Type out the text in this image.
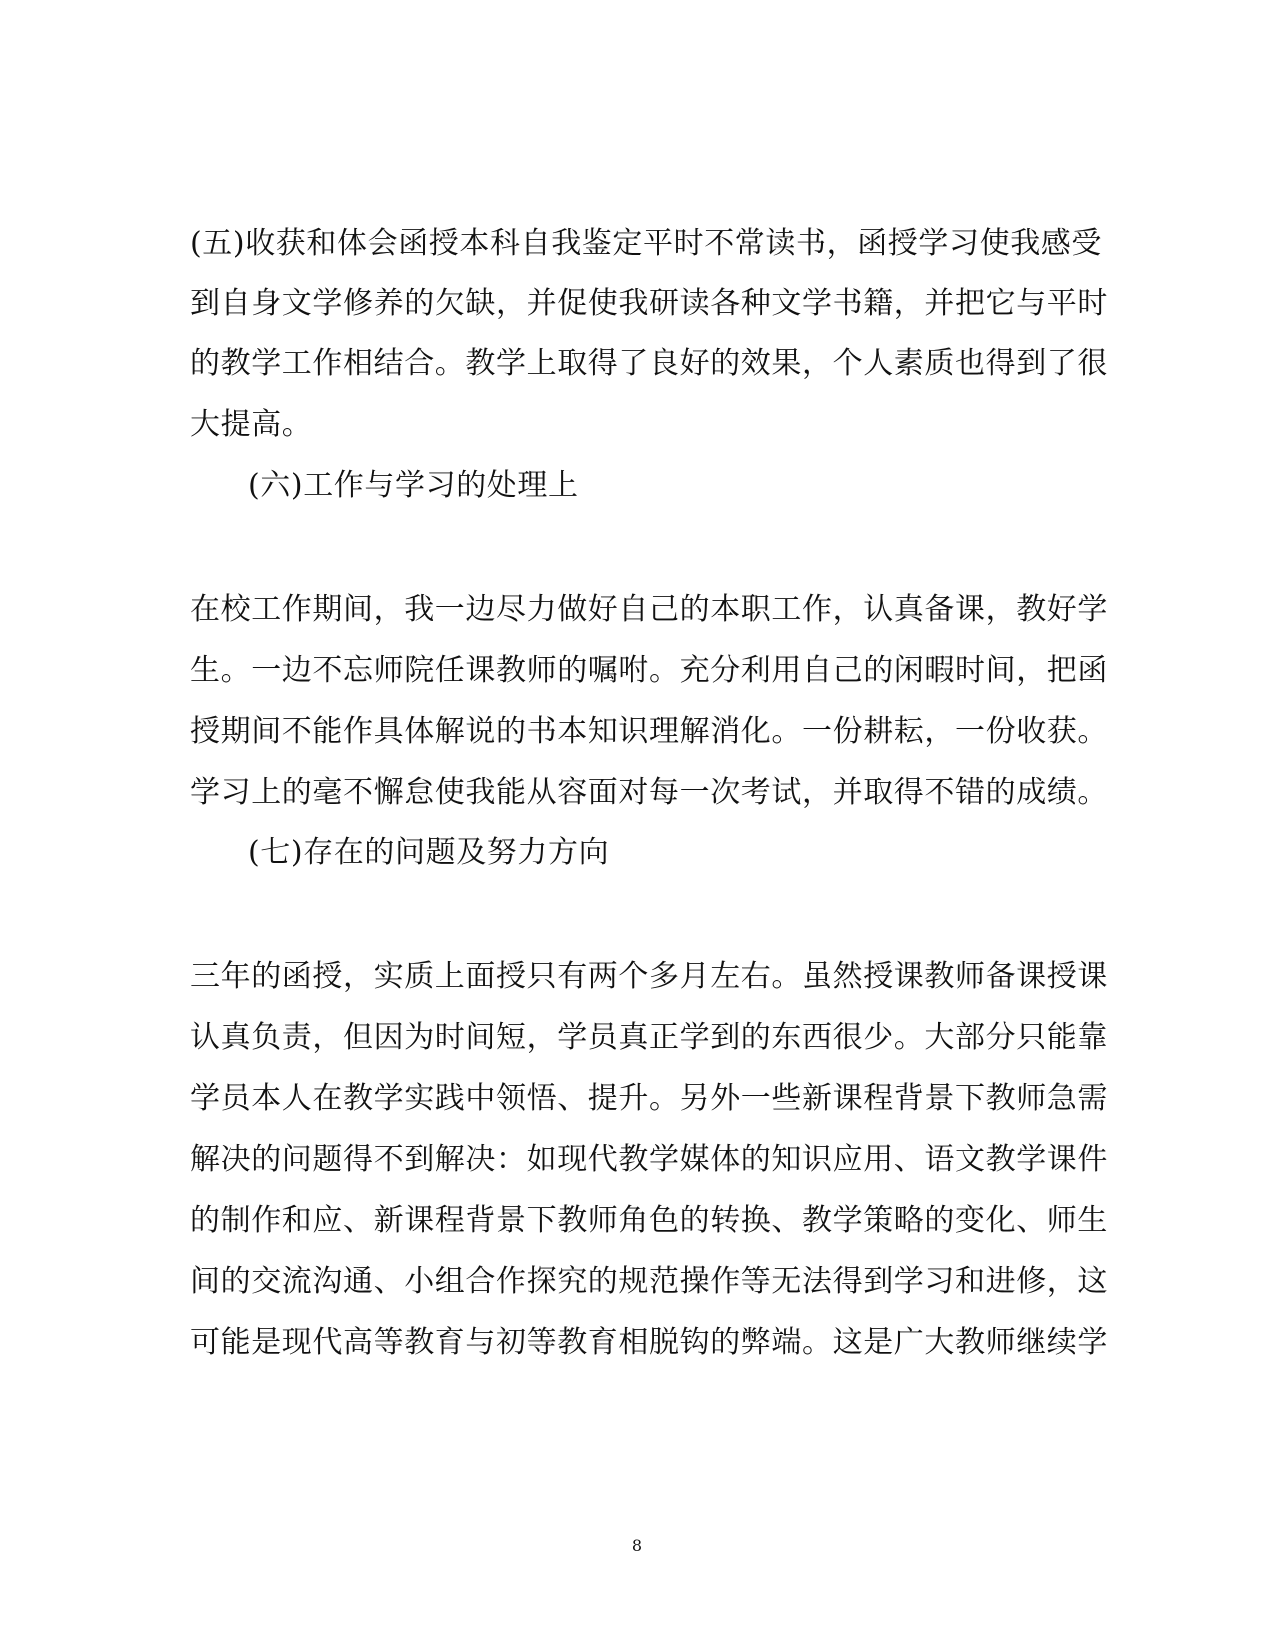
(五)收获和体会函授本科自我鉴定平时不常读书，函授学习使我感受
到自身文学修养的欠缺，并促使我研读各种文学书籍，并把它与平时
的教学工作相结合。教学上取得了良好的效果，个人素质也得到了很
大提高。
(六)工作与学习的处理上
在校工作期间，我一边尽力做好自己的本职工作，认真备课，教好学
生。一边不忘师院任课教师的嘱咐。充分利用自己的闲暇时间，把函
授期间不能作具体解说的书本知识理解消化。一份耕耘，一份收获。
学习上的毫不懈怠使我能从容面对每一次考试，并取得不错的成绩。
(七)存在的问题及努力方向
三年的函授，实质上面授只有两个多月左右。虽然授课教师备课授课
认真负责，但因为时间短，学员真正学到的东西很少。大部分只能靠
学员本人在教学实践中领悟、提升。另外一些新课程背景下教师急需
解决的问题得不到解决：如现代教学媒体的知识应用、语文教学课件
的制作和应、新课程背景下教师角色的转换、教学策略的变化、师生
间的交流沟通、小组合作探究的规范操作等无法得到学习和进修，这
可能是现代高等教育与初等教育相脱钩的弊端。这是广大教师继续学
8
